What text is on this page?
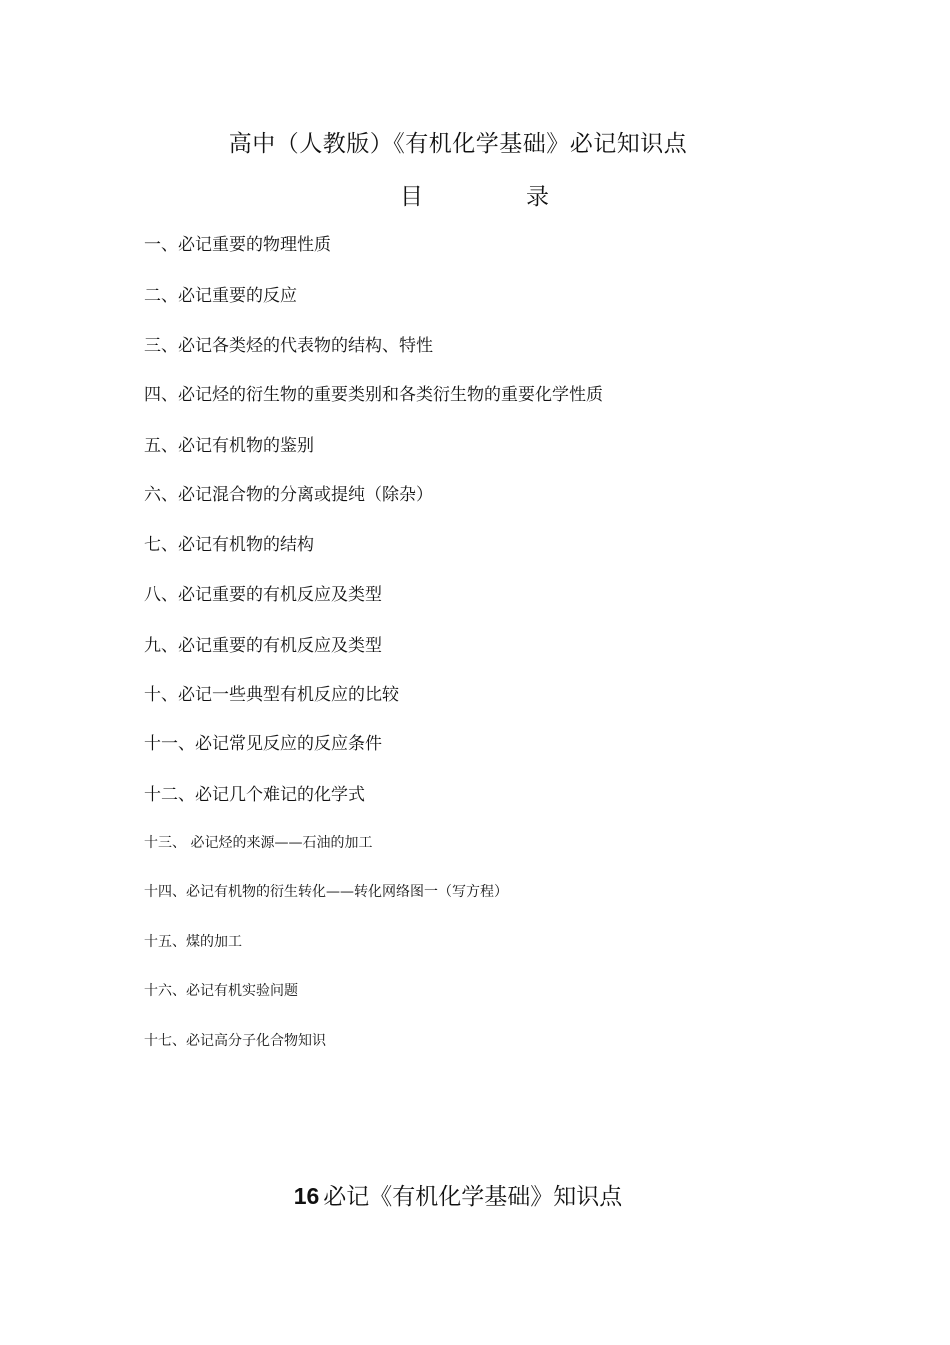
高中（人教版）《有机化学基础》必记知识点
目	录
一、必记重要的物理性质
二、必记重要的反应
三、必记各类烃的代表物的结构、特性
四、必记烃的衍生物的重要类别和各类衍生物的重要化学性质
五、必记有机物的鉴别
六、必记混合物的分离或提纯（除杂）
七、必记有机物的结构
八、必记重要的有机反应及类型
九、必记重要的有机反应及类型
十、必记一些典型有机反应的比较
十一、必记常见反应的反应条件
十二、必记几个难记的化学式
十三、 必记烃的来源——石油的加工
十四、必记有机物的衍生转化——转化网络图一（写方程）
十五、煤的加工
十六、必记有机实验问题
十七、必记高分子化合物知识
16 必记《有机化学基础》知识点
